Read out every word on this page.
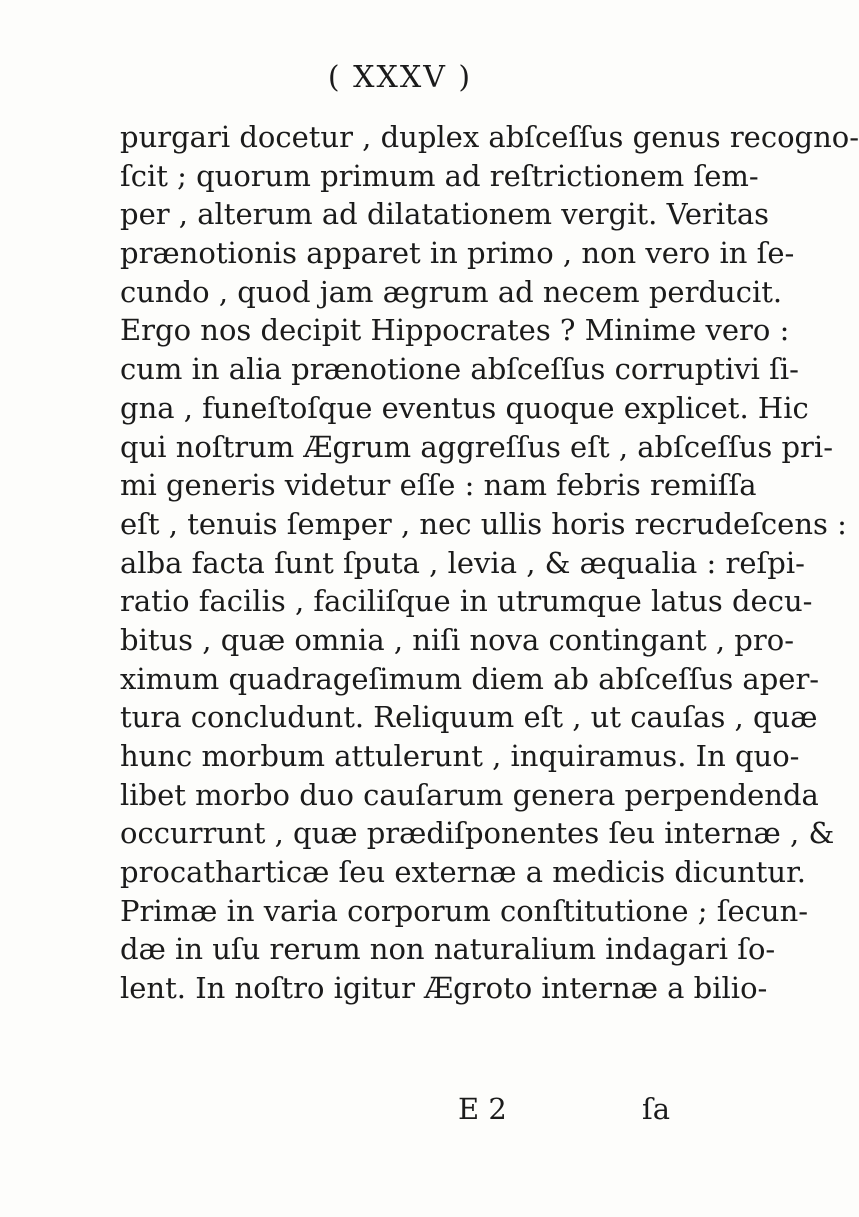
( XXXV )
purgari docetur , duplex abſceſſus genus recogno-
ſcit ; quorum primum ad reſtrictionem ſem-
per , alterum ad dilatationem vergit. Veritas
prænotionis apparet in primo , non vero in ſe-
cundo , quod jam ægrum ad necem perducit.
Ergo nos decipit Hippocrates ? Minime vero :
cum in alia prænotione abſceſſus corruptivi ſi-
gna , funeſtoſque eventus quoque explicet. Hic
qui noſtrum Ægrum aggreſſus eſt , abſceſſus pri-
mi generis videtur eſſe : nam febris remiſſa
eſt , tenuis ſemper , nec ullis horis recrudeſcens :
alba facta ſunt ſputa , levia , & æqualia : reſpi-
ratio facilis , faciliſque in utrumque latus decu-
bitus , quæ omnia , niſi nova contingant , pro-
ximum quadrageſimum diem ab abſceſſus aper-
tura concludunt. Reliquum eſt , ut cauſas , quæ
hunc morbum attulerunt , inquiramus. In quo-
libet morbo duo cauſarum genera perpendenda
occurrunt , quæ prædiſponentes ſeu internæ , &
procatharticæ ſeu externæ a medicis dicuntur.
Primæ in varia corporum conſtitutione ; ſecun-
dæ in uſu rerum non naturalium indagari ſo-
lent. In noſtro igitur Ægroto internæ a bilio-
E 2	ſa
